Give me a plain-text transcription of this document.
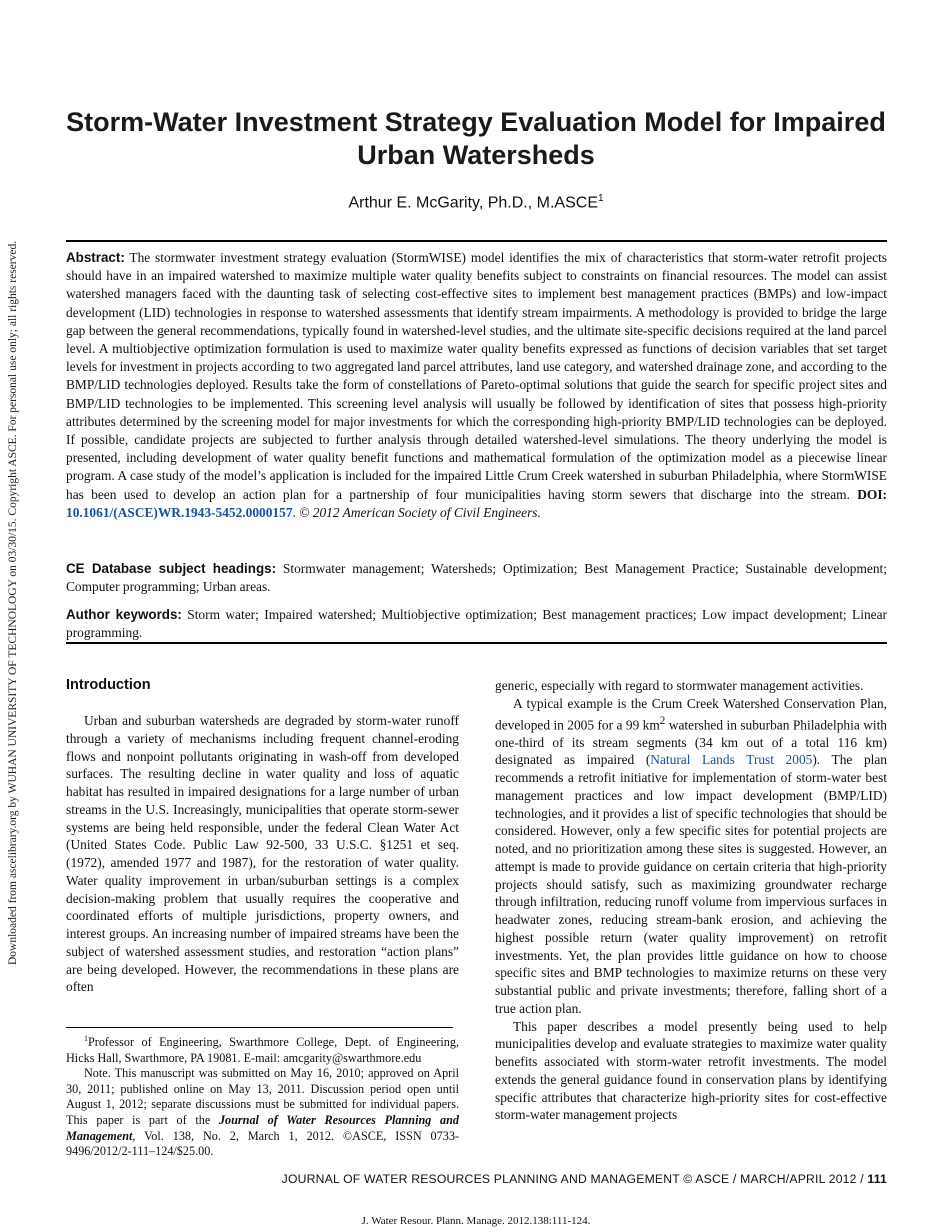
Downloaded from ascelibrary.org by WUHAN UNIVERSITY OF TECHNOLOGY on 03/30/15. Copyright ASCE. For personal use only; all rights reserved.
Storm-Water Investment Strategy Evaluation Model for Impaired Urban Watersheds
Arthur E. McGarity, Ph.D., M.ASCE$^1$

Abstract: The stormwater investment strategy evaluation (StormWISE) model identifies the mix of characteristics that storm-water retrofit projects should have in an impaired watershed to maximize multiple water quality benefits subject to constraints on financial resources. The model can assist watershed managers faced with the daunting task of selecting cost-effective sites to implement best management practices (BMPs) and low-impact development (LID) technologies in response to watershed assessments that identify stream impairments. A methodology is provided to bridge the large gap between the general recommendations, typically found in watershed-level studies, and the ultimate site-specific decisions required at the land parcel level. A multiobjective optimization formulation is used to maximize water quality benefits expressed as functions of decision variables that set target levels for investment in projects according to two aggregated land parcel attributes, land use category, and watershed drainage zone, and according to the BMP/LID technologies deployed. Results take the form of constellations of Pareto-optimal solutions that guide the search for specific project sites and BMP/LID technologies to be implemented. This screening level analysis will usually be followed by identification of sites that possess high-priority attributes determined by the screening model for major investments for which the corresponding high-priority BMP/LID technologies can be deployed. If possible, candidate projects are subjected to further analysis through detailed watershed-level simulations. The theory underlying the model is presented, including development of water quality benefit functions and mathematical formulation of the optimization model as a piecewise linear program. A case study of the model’s application is included for the impaired Little Crum Creek watershed in suburban Philadelphia, where StormWISE has been used to develop an action plan for a partnership of four municipalities having storm sewers that discharge into the stream. DOI: 10.1061/(ASCE)WR.1943-5452.0000157. © 2012 American Society of Civil Engineers.

CE Database subject headings: Stormwater management; Watersheds; Optimization; Best Management Practice; Sustainable development; Computer programming; Urban areas.

Author keywords: Storm water; Impaired watershed; Multiobjective optimization; Best management practices; Low impact development; Linear programming.

Introduction

Urban and suburban watersheds are degraded by storm-water runoff through a variety of mechanisms including frequent channel-eroding flows and nonpoint pollutants originating in wash-off from developed surfaces. The resulting decline in water quality and loss of aquatic habitat has resulted in impaired designations for a large number of urban streams in the U.S. Increasingly, municipalities that operate storm-sewer systems are being held responsible, under the federal Clean Water Act (United States Code. Public Law 92-500, 33 U.S.C. §1251 et seq. (1972), amended 1977 and 1987), for the restoration of water quality. Water quality improvement in urban/suburban settings is a complex decision-making problem that usually requires the cooperative and coordinated efforts of multiple jurisdictions, property owners, and interest groups. An increasing number of impaired streams have been the subject of watershed assessment studies, and restoration “action plans” are being developed. However, the recommendations in these plans are often

generic, especially with regard to stormwater management activities.

A typical example is the Crum Creek Watershed Conservation Plan, developed in 2005 for a 99 $km^2$ watershed in suburban Philadelphia with one-third of its stream segments (34 km out of a total 116 km) designated as impaired (Natural Lands Trust 2005). The plan recommends a retrofit initiative for implementation of storm-water best management practices and low impact development (BMP/LID) technologies, and it provides a list of specific technologies that should be considered. However, only a few specific sites for potential projects are noted, and no prioritization among these sites is suggested. However, an attempt is made to provide guidance on certain criteria that high-priority projects should satisfy, such as maximizing groundwater recharge through infiltration, reducing runoff volume from impervious surfaces in headwater zones, reducing stream-bank erosion, and achieving the highest possible return (water quality improvement) on retrofit investments. Yet, the plan provides little guidance on how to choose specific sites and BMP technologies to maximize returns on these very substantial public and private investments; therefore, falling short of a true action plan.

This paper describes a model presently being used to help municipalities develop and evaluate strategies to maximize water quality benefits associated with storm-water retrofit investments. The model extends the general guidance found in conservation plans by identifying specific attributes that characterize high-priority sites for cost-effective storm-water management projects

$^1$Professor of Engineering, Swarthmore College, Dept. of Engineering, Hicks Hall, Swarthmore, PA 19081. E-mail: amcgarity@swarthmore.edu

Note. This manuscript was submitted on May 16, 2010; approved on April 30, 2011; published online on May 13, 2011. Discussion period open until August 1, 2012; separate discussions must be submitted for individual papers. This paper is part of the Journal of Water Resources Planning and Management, Vol. 138, No. 2, March 1, 2012. ©ASCE, ISSN 0733-9496/2012/2-111–124/$25.00.

JOURNAL OF WATER RESOURCES PLANNING AND MANAGEMENT © ASCE / MARCH/APRIL 2012 / 111
J. Water Resour. Plann. Manage. 2012.138:111-124.
